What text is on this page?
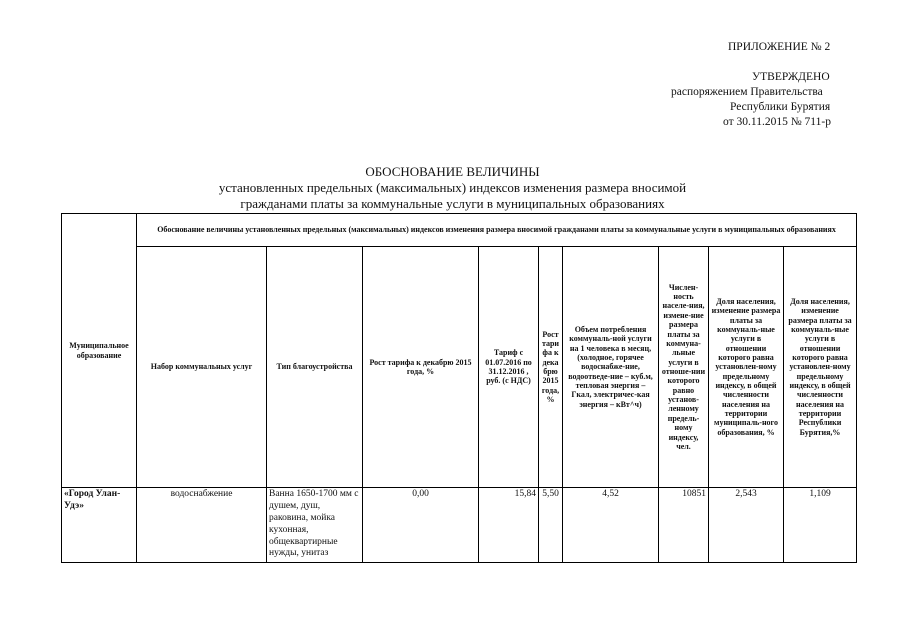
ПРИЛОЖЕНИЕ № 2
УТВЕРЖДЕНО
распоряжением Правительства
Республики Бурятия
от 30.11.2015 № 711-р
ОБОСНОВАНИЕ ВЕЛИЧИНЫ
установленных предельных (максимальных) индексов изменения размера вносимой
гражданами платы за коммунальные услуги в муниципальных образованиях
Муниципальное образование	Обоснование величины установленных предельных (максимальных) индексов изменения размера вносимой гражданами платы за коммунальные услуги в муниципальных образованиях								
	Набор коммунальных услуг	Тип благоустройства	Рост тарифа к декабрю 2015 года, %	Тариф с 01.07.2016 по 31.12.2016 , руб. (с НДС)	Рост тарифа к декабрю 2015 года, %	Объем потребления коммуналь-ной услуги на 1 человека в месяц, (холодное, горячее водоснабже-ние, водоотведе-ние – куб.м, тепловая энергия – Гкал, электричес-кая энергия – кВт^ч)	Числен-ность населе-ния, измене-ние размера платы за коммуна-льные услуги в отноше-нии которого равно установ-ленному предель-ному индексу, чел.	Доля населения, изменение размера платы за коммуналь-ные услуги в отношении которого равна установлен-ному предельному индексу, в общей численности населения на территории муниципаль-ного образования, %	Доля населения, изменение размера платы за коммуналь-ные услуги в отношении которого равна установлен-ному предельному индексу, в общей численности населения на территории Республики Бурятия,%
«Город Улан-Удэ»	водоснабжение	Ванна 1650-1700 мм с душем, душ, раковина, мойка кухонная, общеквартирные нужды, унитаз	0,00	15,84	5,50	4,52	10851	2,543	1,109
